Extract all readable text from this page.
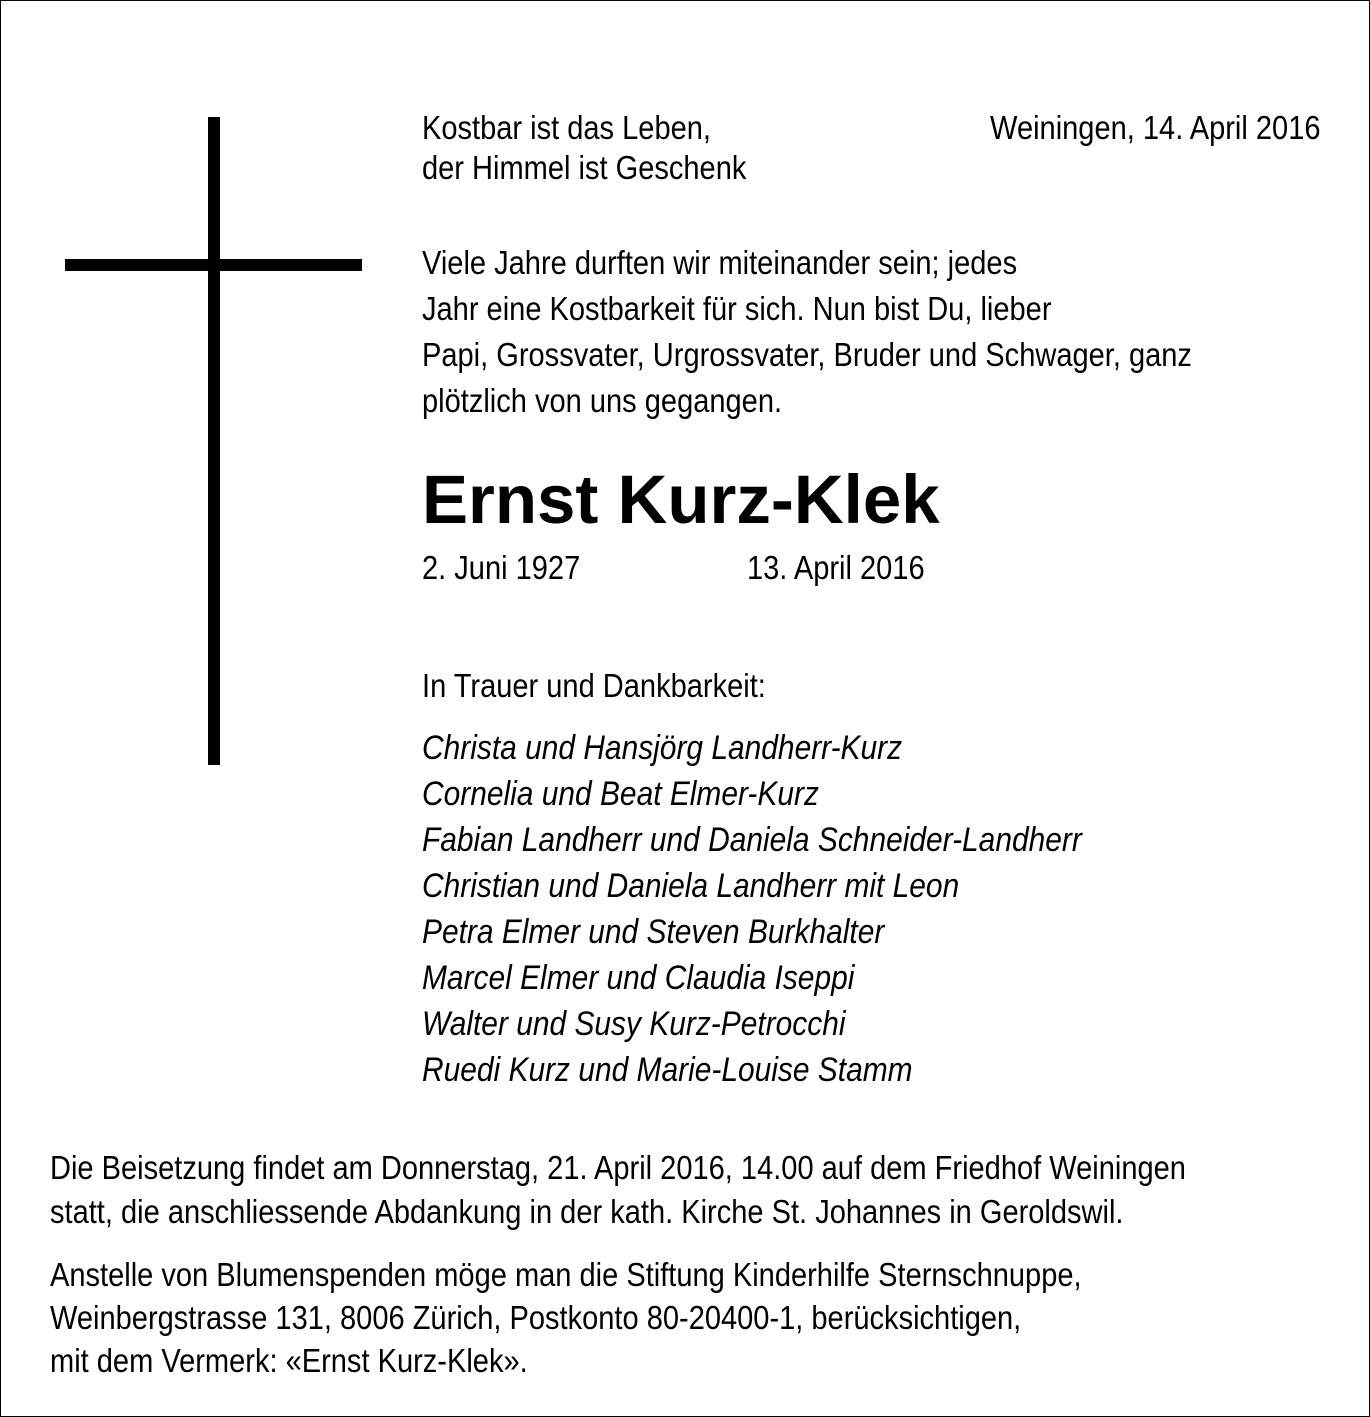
Kostbar ist das Leben,
der Himmel ist Geschenk
Weiningen, 14. April 2016
Viele Jahre durften wir miteinander sein; jedes
Jahr eine Kostbarkeit für sich. Nun bist Du, lieber
Papi, Grossvater, Urgrossvater, Bruder und Schwager, ganz
plötzlich von uns gegangen.
Ernst Kurz-Klek
2. Juni 1927	13. April 2016
In Trauer und Dankbarkeit:
Christa und Hansjörg Landherr-Kurz
Cornelia und Beat Elmer-Kurz
Fabian Landherr und Daniela Schneider-Landherr
Christian und Daniela Landherr mit Leon
Petra Elmer und Steven Burkhalter
Marcel Elmer und Claudia Iseppi
Walter und Susy Kurz-Petrocchi
Ruedi Kurz und Marie-Louise Stamm
Die Beisetzung findet am Donnerstag, 21. April 2016, 14.00 auf dem Friedhof Weiningen
statt, die anschliessende Abdankung in der kath. Kirche St. Johannes in Geroldswil.
Anstelle von Blumenspenden möge man die Stiftung Kinderhilfe Sternschnuppe,
Weinbergstrasse 131, 8006 Zürich, Postkonto 80-20400-1, berücksichtigen,
mit dem Vermerk: «Ernst Kurz-Klek».
